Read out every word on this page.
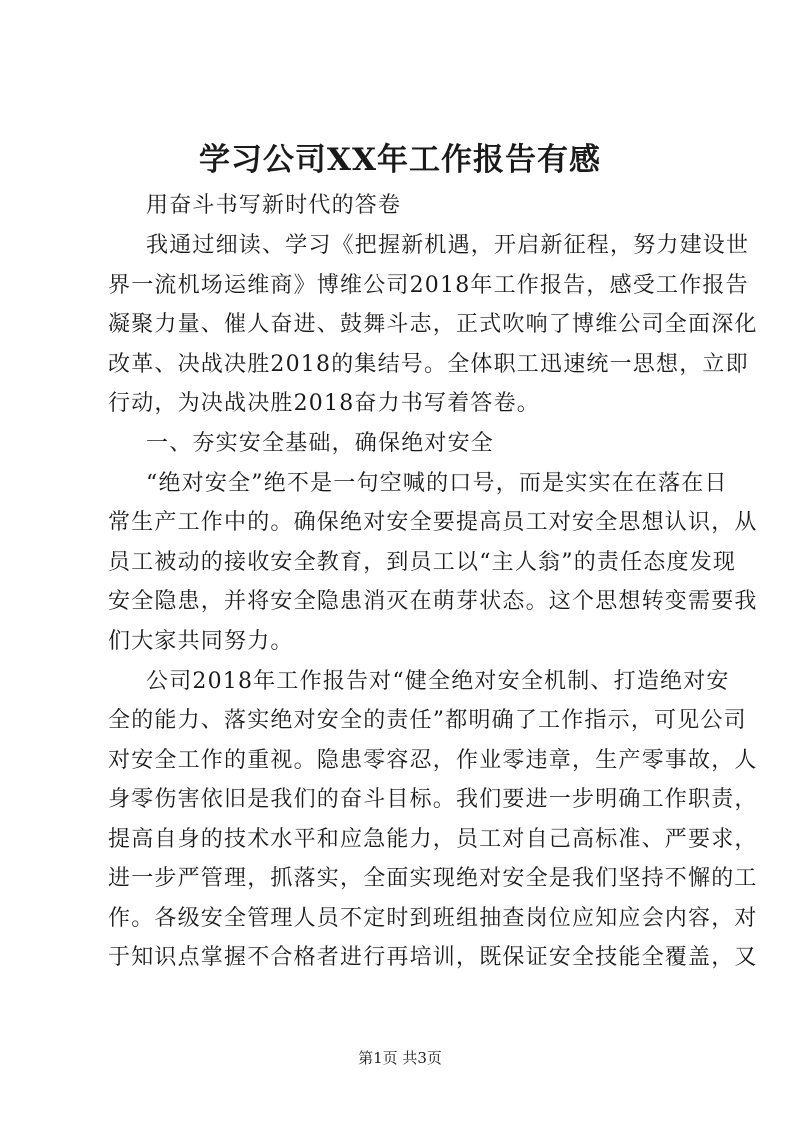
学习公司XX年工作报告有感
用奋斗书写新时代的答卷
我通过细读、学习《把握新机遇，开启新征程，努力建设世
界一流机场运维商》博维公司2018年工作报告，感受工作报告
凝聚力量、催人奋进、鼓舞斗志，正式吹响了博维公司全面深化
改革、决战决胜2018的集结号。全体职工迅速统一思想，立即
行动，为决战决胜2018奋力书写着答卷。
一、夯实安全基础，确保绝对安全
“绝对安全”绝不是一句空喊的口号，而是实实在在落在日
常生产工作中的。确保绝对安全要提高员工对安全思想认识，从
员工被动的接收安全教育，到员工以“主人翁”的责任态度发现
安全隐患，并将安全隐患消灭在萌芽状态。这个思想转变需要我
们大家共同努力。
公司2018年工作报告对“健全绝对安全机制、打造绝对安
全的能力、落实绝对安全的责任”都明确了工作指示，可见公司
对安全工作的重视。隐患零容忍，作业零违章，生产零事故，人
身零伤害依旧是我们的奋斗目标。我们要进一步明确工作职责，
提高自身的技术水平和应急能力，员工对自己高标准、严要求，
进一步严管理，抓落实，全面实现绝对安全是我们坚持不懈的工
作。各级安全管理人员不定时到班组抽查岗位应知应会内容，对
于知识点掌握不合格者进行再培训，既保证安全技能全覆盖，又
第1页 共3页
